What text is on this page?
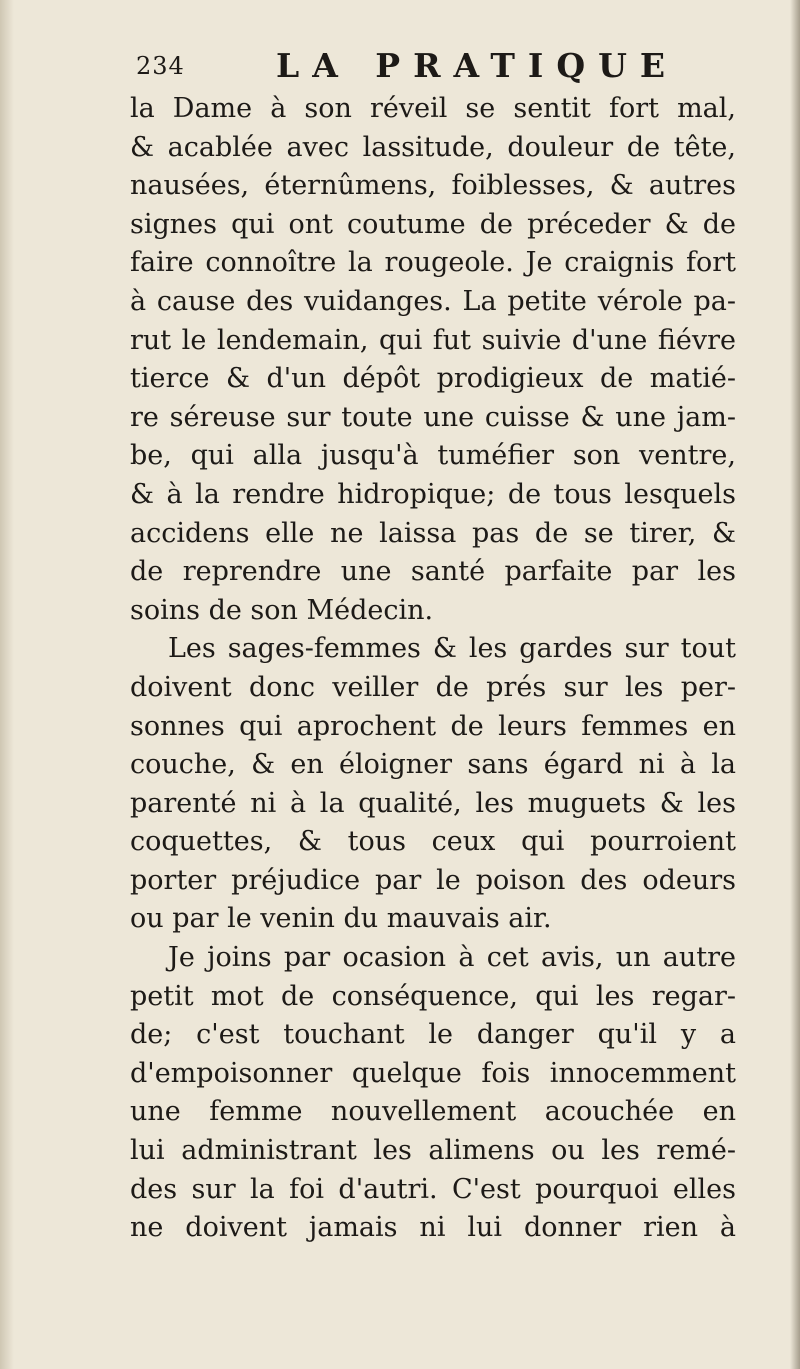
234	LA PRATIQUE
la Dame à son réveil se sentit fort mal,
& acablée avec lassitude, douleur de tête,
nausées, éternûmens, foiblesses, & autres
signes qui ont coutume de préceder & de
faire connoître la rougeole. Je craignis fort
à cause des vuidanges. La petite vérole pa-
rut le lendemain, qui fut suivie d'une fiévre
tierce & d'un dépôt prodigieux de matié-
re séreuse sur toute une cuisse & une jam-
be, qui alla jusqu'à tuméfier son ventre,
& à la rendre hidropique; de tous lesquels
accidens elle ne laissa pas de se tirer, &
de reprendre une santé parfaite par les
soins de son Médecin.
Les sages-femmes & les gardes sur tout
doivent donc veiller de prés sur les per-
sonnes qui aprochent de leurs femmes en
couche, & en éloigner sans égard ni à la
parenté ni à la qualité, les muguets & les
coquettes, & tous ceux qui pourroient
porter préjudice par le poison des odeurs
ou par le venin du mauvais air.
Je joins par ocasion à cet avis, un autre
petit mot de conséquence, qui les regar-
de; c'est touchant le danger qu'il y a
d'empoisonner quelque fois innocemment
une femme nouvellement acouchée en
lui administrant les alimens ou les remé-
des sur la foi d'autri. C'est pourquoi elles
ne doivent jamais ni lui donner rien à
